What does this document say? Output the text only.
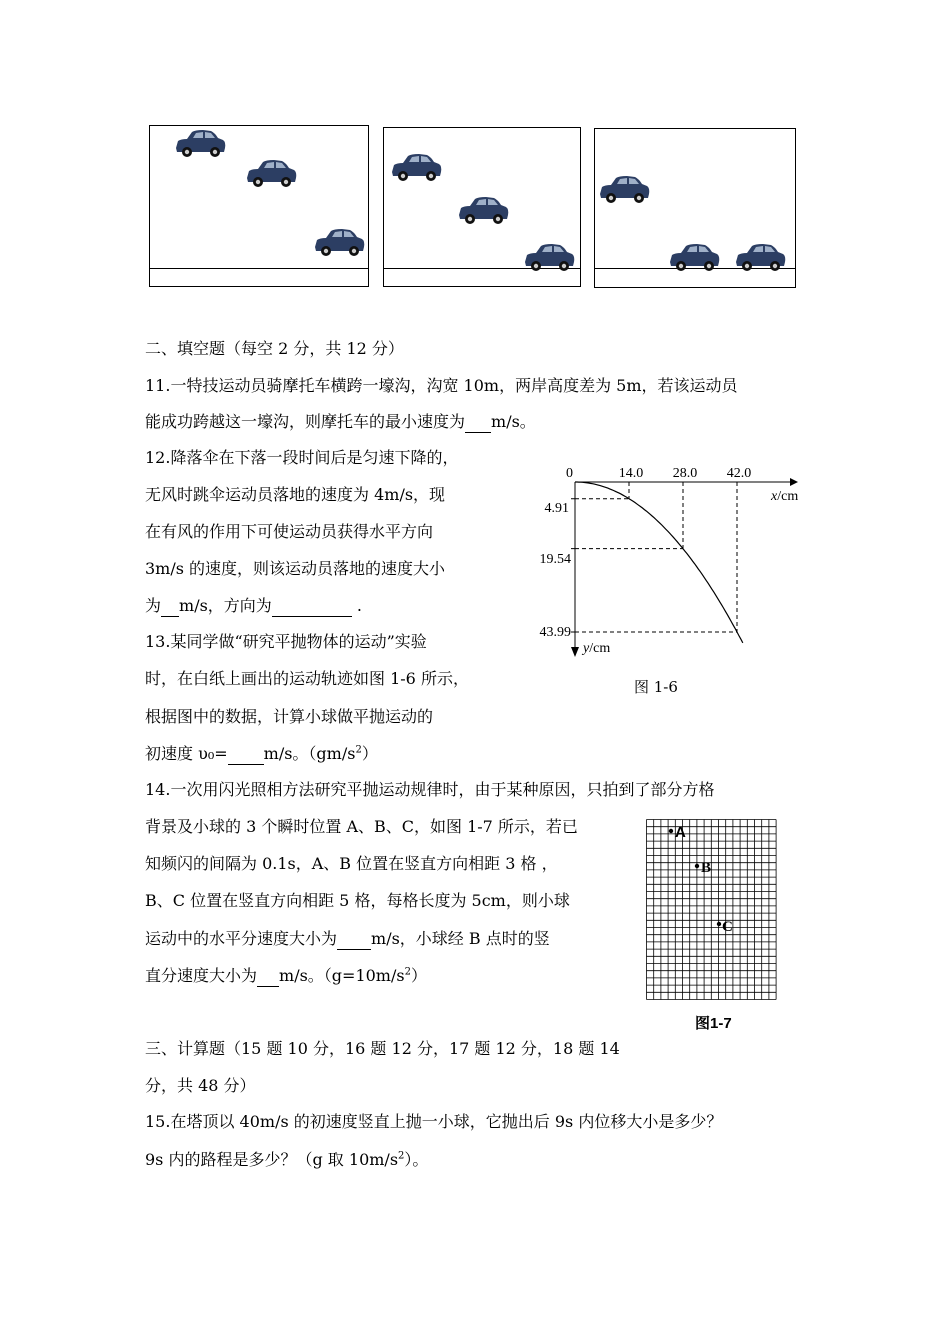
二、填空题（每空 2 分，共 12 分）
11.一特技运动员骑摩托车横跨一壕沟，沟宽 10m，两岸高度差为 5m，若该运动员
能成功跨越这一壕沟，则摩托车的最小速度为 m/s。
12.降落伞在下落一段时间后是匀速下降的，
无风时跳伞运动员落地的速度为 4m/s，现
在有风的作用下可使运动员获得水平方向
3m/s 的速度，则该运动员落地的速度大小
为 m/s，方向为	.
13.某同学做“研究平抛物体的运动”实验
时，在白纸上画出的运动轨迹如图 1-6 所示，
根据图中的数据，计算小球做平抛运动的
初速度 υ₀= m/s。$(gm/s^2)$
0	14.0 28.0 42.0
4.91
19.54
43.99
x/cm
y/cm
图 1-6
14.一次用闪光照相方法研究平抛运动规律时，由于某种原因，只拍到了部分方格
背景及小球的 3 个瞬时位置 A、B、C，如图 1-7 所示，若已
知频闪的间隔为 0.1s，A、B 位置在竖直方向相距 3 格 ，
B、C 位置在竖直方向相距 5 格，每格长度为 5cm，则小球
运动中的水平分速度大小为 m/s，小球经 B 点时的竖
直分速度大小为 m/s。$(g=10m/s^2)$
A
B
C
图1-7
三、计算题（15 题 10 分，16 题 12 分，17 题 12 分，18 题 14
分，共 48 分）
15.在塔顶以 40m/s 的初速度竖直上抛一小球，它抛出后 9s 内位移大小是多少？
9s 内的路程是多少？（g 取 $10m/s^2$）。
